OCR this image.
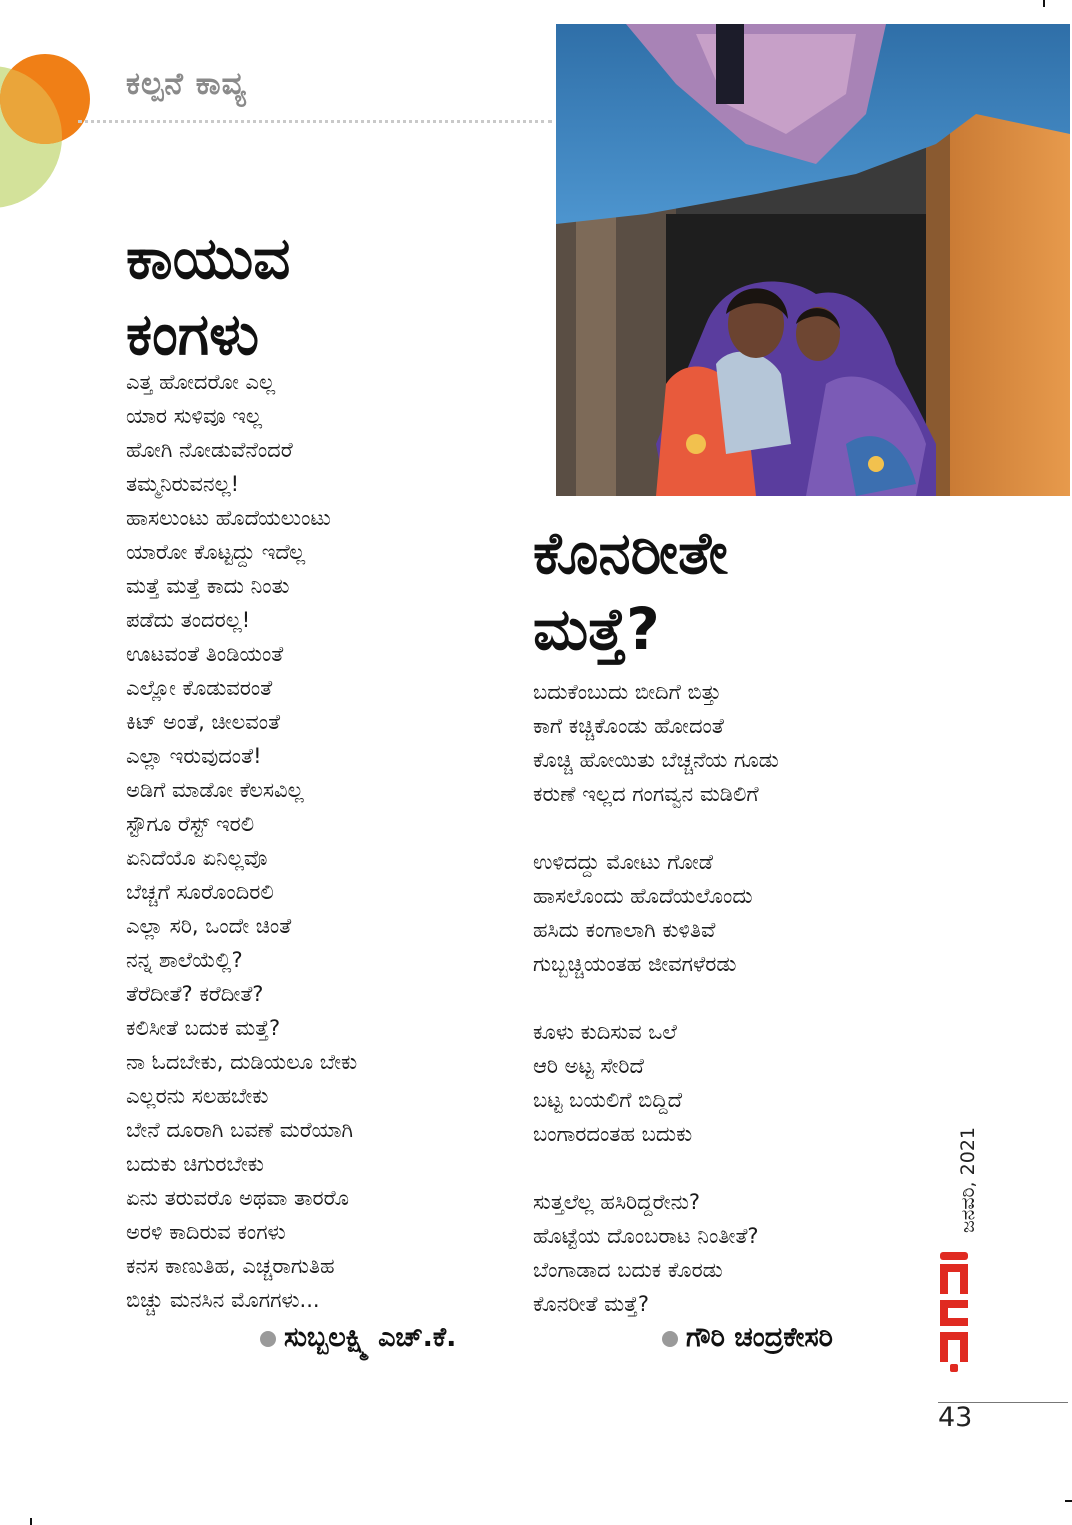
ಕಲ್ಪನೆ ಕಾವ್ಯ
ಕಾಯುವ
ಕಂಗಳು
ಎತ್ತ ಹೋದರೋ ಎಲ್ಲ
ಯಾರ ಸುಳಿವೂ ಇಲ್ಲ
ಹೋಗಿ ನೋಡುವೆನೆಂದರೆ
ತಮ್ಮನಿರುವನಲ್ಲ!
ಹಾಸಲುಂಟು ಹೊದೆಯಲುಂಟು
ಯಾರೋ ಕೊಟ್ಟದ್ದು ಇದೆಲ್ಲ
ಮತ್ತೆ ಮತ್ತೆ ಕಾದು ನಿಂತು
ಪಡೆದು ತಂದರಲ್ಲ!
ಊಟವಂತೆ ತಿಂಡಿಯಂತೆ
ಎಲ್ಲೋ ಕೊಡುವರಂತೆ
ಕಿಟ್ ಅಂತೆ, ಚೀಲವಂತೆ
ಎಲ್ಲಾ ಇರುವುದಂತೆ!
ಅಡಿಗೆ ಮಾಡೋ ಕೆಲಸವಿಲ್ಲ
ಸ್ಟೌಗೂ ರೆಸ್ಟ್ ಇರಲಿ
ಏನಿದೆಯೊ ಏನಿಲ್ಲವೊ
ಬೆಚ್ಚಗೆ ಸೂರೊಂದಿರಲಿ
ಎಲ್ಲಾ ಸರಿ, ಒಂದೇ ಚಿಂತೆ
ನನ್ನ ಶಾಲೆಯೆಲ್ಲಿ?
ತೆರೆದೀತೆ? ಕರೆದೀತೆ?
ಕಲಿಸೀತೆ ಬದುಕ ಮತ್ತೆ?
ನಾ ಓದಬೇಕು, ದುಡಿಯಲೂ ಬೇಕು
ಎಲ್ಲರನು ಸಲಹಬೇಕು
ಬೇನೆ ದೂರಾಗಿ ಬವಣೆ ಮರೆಯಾಗಿ
ಬದುಕು ಚಿಗುರಬೇಕು
ಏನು ತರುವರೊ ಅಥವಾ ತಾರರೊ
ಅರಳಿ ಕಾದಿರುವ ಕಂಗಳು
ಕನಸ ಕಾಣುತಿಹ, ಎಚ್ಚರಾಗುತಿಹ
ಬಿಚ್ಚು ಮನಸಿನ ಮೊಗಗಳು...
ಸುಬ್ಬಲಕ್ಷ್ಮಿ ಎಚ್.ಕೆ.
ಕೊನರೀತೇ
ಮತ್ತೆ?
ಬದುಕೆಂಬುದು ಬೀದಿಗೆ ಬಿತ್ತು
ಕಾಗೆ ಕಚ್ಚಿಕೊಂಡು ಹೋದಂತೆ
ಕೊಚ್ಚಿ ಹೋಯಿತು ಬೆಚ್ಚನೆಯ ಗೂಡು
ಕರುಣೆ ಇಲ್ಲದ ಗಂಗವ್ವನ ಮಡಿಲಿಗೆ
ಉಳಿದದ್ದು ಮೋಟು ಗೋಡೆ
ಹಾಸಲೊಂದು ಹೊದೆಯಲೊಂದು
ಹಸಿದು ಕಂಗಾಲಾಗಿ ಕುಳಿತಿವೆ
ಗುಬ್ಬಚ್ಚಿಯಂತಹ ಜೀವಗಳೆರಡು
ಕೂಳು ಕುದಿಸುವ ಒಲೆ
ಆರಿ ಅಟ್ಟ ಸೇರಿದೆ
ಬಟ್ಟ ಬಯಲಿಗೆ ಬಿದ್ದಿದೆ
ಬಂಗಾರದಂತಹ ಬದುಕು
ಸುತ್ತಲೆಲ್ಲ ಹಸಿರಿದ್ದರೇನು?
ಹೊಟ್ಟೆಯ ದೊಂಬರಾಟ ನಿಂತೀತೆ?
ಬೆಂಗಾಡಾದ ಬದುಕ ಕೊರಡು
ಕೊನರೀತೆ ಮತ್ತೆ?
ಗೌರಿ ಚಂದ್ರಕೇಸರಿ
ಜನವರಿ, 2021
43
